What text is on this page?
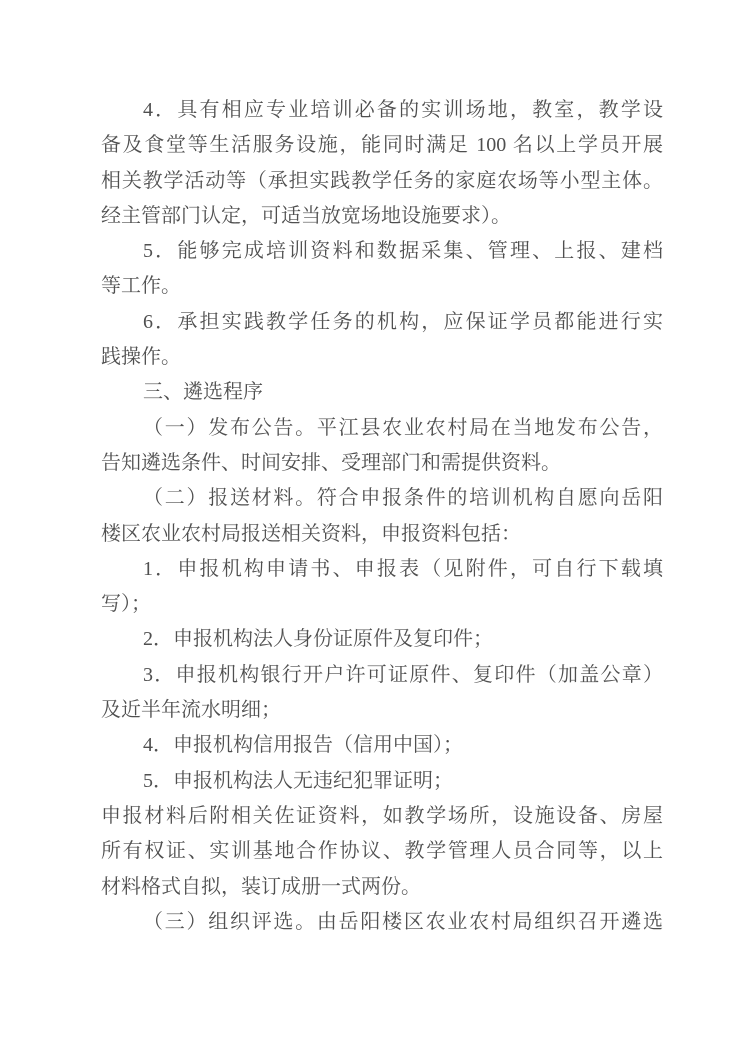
4．具有相应专业培训必备的实训场地，教室，教学设
备及食堂等生活服务设施，能同时满足 100 名以上学员开展
相关教学活动等（承担实践教学任务的家庭农场等小型主体。
经主管部门认定，可适当放宽场地设施要求）。
5．能够完成培训资料和数据采集、管理、上报、建档
等工作。
6．承担实践教学任务的机构，应保证学员都能进行实
践操作。
三、遴选程序
（一）发布公告。平江县农业农村局在当地发布公告，
告知遴选条件、时间安排、受理部门和需提供资料。
（二）报送材料。符合申报条件的培训机构自愿向岳阳
楼区农业农村局报送相关资料，申报资料包括：
1．申报机构申请书、申报表（见附件，可自行下载填
写）；
2．申报机构法人身份证原件及复印件；
3．申报机构银行开户许可证原件、复印件（加盖公章）
及近半年流水明细；
4．申报机构信用报告（信用中国）；
5．申报机构法人无违纪犯罪证明；
申报材料后附相关佐证资料，如教学场所，设施设备、房屋
所有权证、实训基地合作协议、教学管理人员合同等，以上
材料格式自拟，装订成册一式两份。
（三）组织评选。由岳阳楼区农业农村局组织召开遴选
